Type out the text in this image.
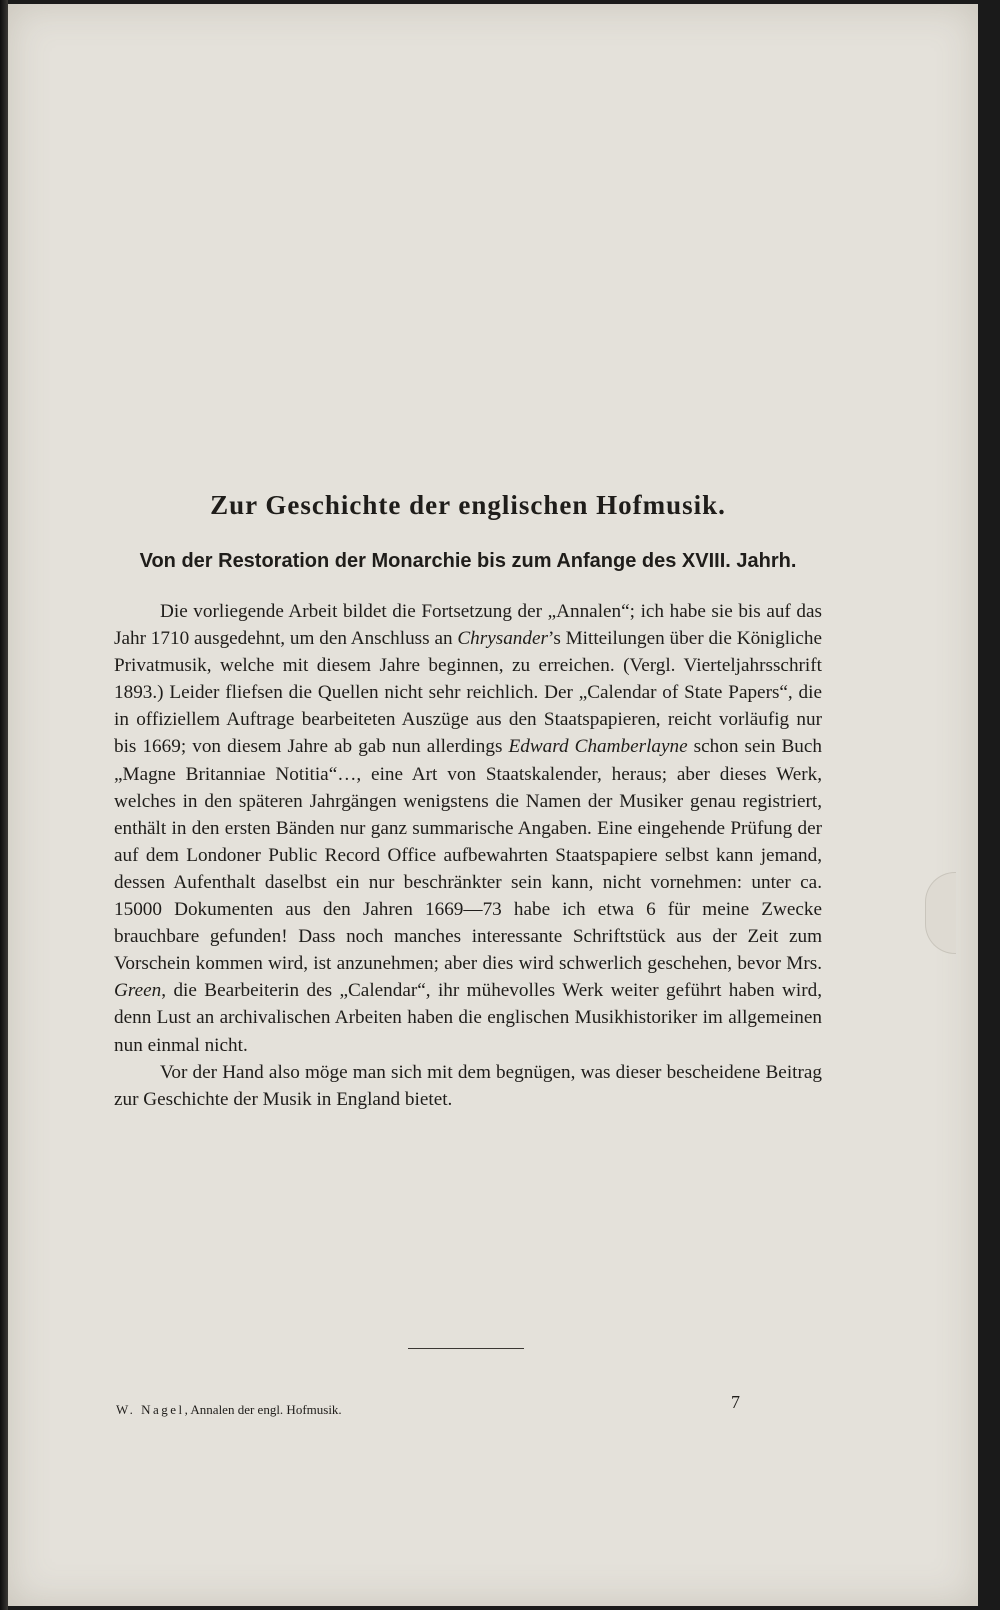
Zur Geschichte der englischen Hofmusik.
Von der Restoration der Monarchie bis zum Anfange des XVIII. Jahrh.

Die vorliegende Arbeit bildet die Fortsetzung der „Annalen“; ich habe sie bis auf das Jahr 1710 ausgedehnt, um den Anschluss an Chrysander’s Mitteilungen über die Königliche Privatmusik, welche mit diesem Jahre beginnen, zu erreichen. (Vergl. Vierteljahrsschrift 1893.) Leider fliefsen die Quellen nicht sehr reichlich. Der „Calendar of State Papers“, die in offiziellem Auftrage bearbeiteten Auszüge aus den Staatspapieren, reicht vorläufig nur bis 1669; von diesem Jahre ab gab nun allerdings Edward Chamberlayne schon sein Buch „Magne Britanniae Notitia“…, eine Art von Staatskalender, heraus; aber dieses Werk, welches in den späteren Jahrgängen wenigstens die Namen der Musiker genau registriert, enthält in den ersten Bänden nur ganz summarische Angaben. Eine eingehende Prüfung der auf dem Londoner Public Record Office aufbewahrten Staatspapiere selbst kann jemand, dessen Aufenthalt daselbst ein nur beschränkter sein kann, nicht vornehmen: unter ca. 15000 Dokumenten aus den Jahren 1669—73 habe ich etwa 6 für meine Zwecke brauchbare gefunden! Dass noch manches interessante Schriftstück aus der Zeit zum Vorschein kommen wird, ist anzunehmen; aber dies wird schwerlich geschehen, bevor Mrs. Green, die Bearbeiterin des „Calendar“, ihr mühevolles Werk weiter geführt haben wird, denn Lust an archivalischen Arbeiten haben die englischen Musikhistoriker im allgemeinen nun einmal nicht.

Vor der Hand also möge man sich mit dem begnügen, was dieser bescheidene Beitrag zur Geschichte der Musik in England bietet.

W. Nagel, Annalen der engl. Hofmusik.	7
